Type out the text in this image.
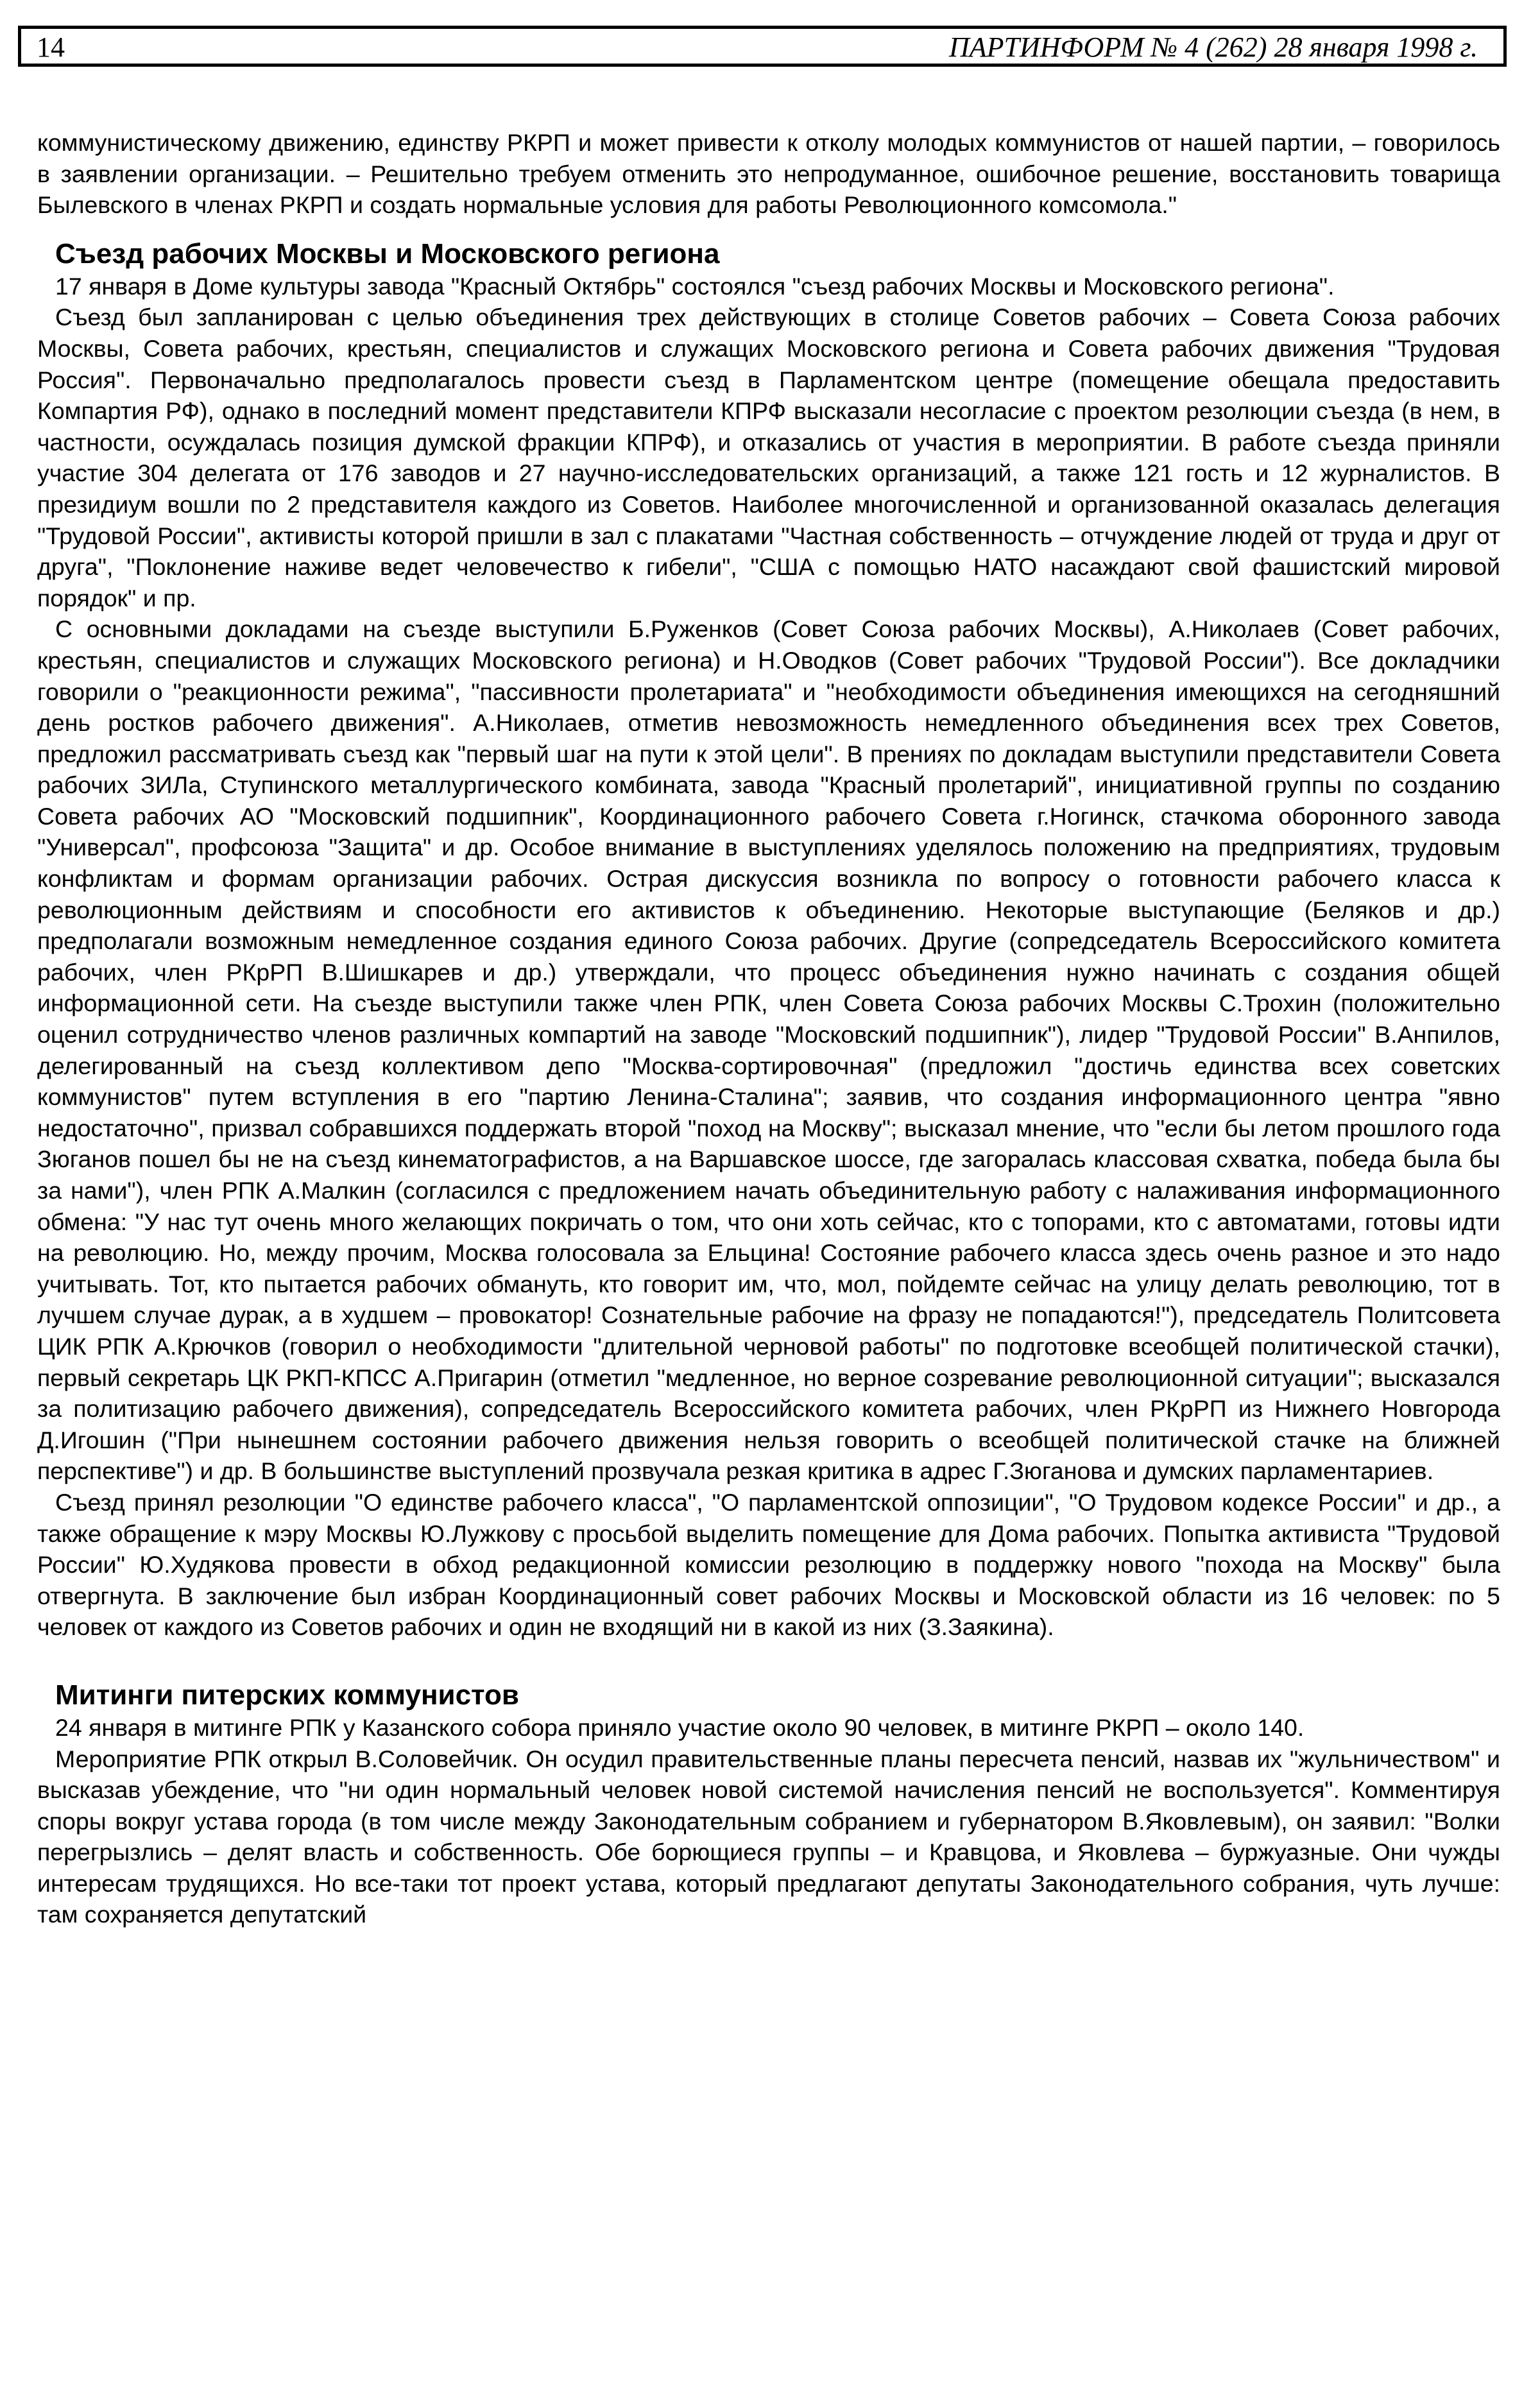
14	ПАРТИНФОРМ № 4 (262) 28 января 1998 г.

коммунистическому движению, единству РКРП и может привести к отколу молодых коммунистов от нашей партии, – говорилось в заявлении организации. – Решительно требуем отменить это непродуманное, ошибочное решение, восстановить товарища Былевского в членах РКРП и создать нормальные условия для работы Революционного комсомола."

Съезд рабочих Москвы и Московского региона

17 января в Доме культуры завода "Красный Октябрь" состоялся "съезд рабочих Москвы и Московского региона".

Съезд был запланирован с целью объединения трех действующих в столице Советов рабочих – Совета Союза рабочих Москвы, Совета рабочих, крестьян, специалистов и служащих Московского региона и Совета рабочих движения "Трудовая Россия". Первоначально предполагалось провести съезд в Парламентском центре (помещение обещала предоставить Компартия РФ), однако в последний момент представители КПРФ высказали несогласие с проектом резолюции съезда (в нем, в частности, осуждалась позиция думской фракции КПРФ), и отказались от участия в мероприятии. В работе съезда приняли участие 304 делегата от 176 заводов и 27 научно-исследовательских организаций, а также 121 гость и 12 журналистов. В президиум вошли по 2 представителя каждого из Советов. Наиболее многочисленной и организованной оказалась делегация "Трудовой России", активисты которой пришли в зал с плакатами "Частная собственность – отчуждение людей от труда и друг от друга", "Поклонение наживе ведет человечество к гибели", "США с помощью НАТО насаждают свой фашистский мировой порядок" и пр.

С основными докладами на съезде выступили Б.Руженков (Совет Союза рабочих Москвы), А.Николаев (Совет рабочих, крестьян, специалистов и служащих Московского региона) и Н.Оводков (Совет рабочих "Трудовой России"). Все докладчики говорили о "реакционности режима", "пассивности пролетариата" и "необходимости объединения имеющихся на сегодняшний день ростков рабочего движения". А.Николаев, отметив невозможность немедленного объединения всех трех Советов, предложил рассматривать съезд как "первый шаг на пути к этой цели". В прениях по докладам выступили представители Совета рабочих ЗИЛа, Ступинского металлургического комбината, завода "Красный пролетарий", инициативной группы по созданию Совета рабочих АО "Московский подшипник", Координационного рабочего Совета г.Ногинск, стачкома оборонного завода "Универсал", профсоюза "Защита" и др. Особое внимание в выступлениях уделялось положению на предприятиях, трудовым конфликтам и формам организации рабочих. Острая дискуссия возникла по вопросу о готовности рабочего класса к революционным действиям и способности его активистов к объединению. Некоторые выступающие (Беляков и др.) предполагали возможным немедленное создания единого Союза рабочих. Другие (сопредседатель Всероссийского комитета рабочих, член РКрРП В.Шишкарев и др.) утверждали, что процесс объединения нужно начинать с создания общей информационной сети. На съезде выступили также член РПК, член Совета Союза рабочих Москвы С.Трохин (положительно оценил сотрудничество членов различных компартий на заводе "Московский подшипник"), лидер "Трудовой России" В.Анпилов, делегированный на съезд коллективом депо "Москва-сортировочная" (предложил "достичь единства всех советских коммунистов" путем вступления в его "партию Ленина-Сталина"; заявив, что создания информационного центра "явно недостаточно", призвал собравшихся поддержать второй "поход на Москву"; высказал мнение, что "если бы летом прошлого года Зюганов пошел бы не на съезд кинематографистов, а на Варшавское шоссе, где загоралась классовая схватка, победа была бы за нами"), член РПК А.Малкин (согласился с предложением начать объединительную работу с налаживания информационного обмена: "У нас тут очень много желающих покричать о том, что они хоть сейчас, кто с топорами, кто с автоматами, готовы идти на революцию. Но, между прочим, Москва голосовала за Ельцина! Состояние рабочего класса здесь очень разное и это надо учитывать. Тот, кто пытается рабочих обмануть, кто говорит им, что, мол, пойдемте сейчас на улицу делать революцию, тот в лучшем случае дурак, а в худшем – провокатор! Сознательные рабочие на фразу не попадаются!"), председатель Политсовета ЦИК РПК А.Крючков (говорил о необходимости "длительной черновой работы" по подготовке всеобщей политической стачки), первый секретарь ЦК РКП-КПСС А.Пригарин (отметил "медленное, но верное созревание революционной ситуации"; высказался за политизацию рабочего движения), сопредседатель Всероссийского комитета рабочих, член РКрРП из Нижнего Новгорода Д.Игошин ("При нынешнем состоянии рабочего движения нельзя говорить о всеобщей политической стачке на ближней перспективе") и др. В большинстве выступлений прозвучала резкая критика в адрес Г.Зюганова и думских парламентариев.

Съезд принял резолюции "О единстве рабочего класса", "О парламентской оппозиции", "О Трудовом кодексе России" и др., а также обращение к мэру Москвы Ю.Лужкову с просьбой выделить помещение для Дома рабочих. Попытка активиста "Трудовой России" Ю.Худякова провести в обход редакционной комиссии резолюцию в поддержку нового "похода на Москву" была отвергнута. В заключение был избран Координационный совет рабочих Москвы и Московской области из 16 человек: по 5 человек от каждого из Советов рабочих и один не входящий ни в какой из них (З.Заякина).

Митинги питерских коммунистов

24 января в митинге РПК у Казанского собора приняло участие около 90 человек, в митинге РКРП – около 140.

Мероприятие РПК открыл В.Соловейчик. Он осудил правительственные планы пересчета пенсий, назвав их "жульничеством" и высказав убеждение, что "ни один нормальный человек новой системой начисления пенсий не воспользуется". Комментируя споры вокруг устава города (в том числе между Законодательным собранием и губернатором В.Яковлевым), он заявил: "Волки перегрызлись – делят власть и собственность. Обе борющиеся группы – и Кравцова, и Яковлева – буржуазные. Они чужды интересам трудящихся. Но все-таки тот проект устава, который предлагают депутаты Законодательного собрания, чуть лучше: там сохраняется депутатский
